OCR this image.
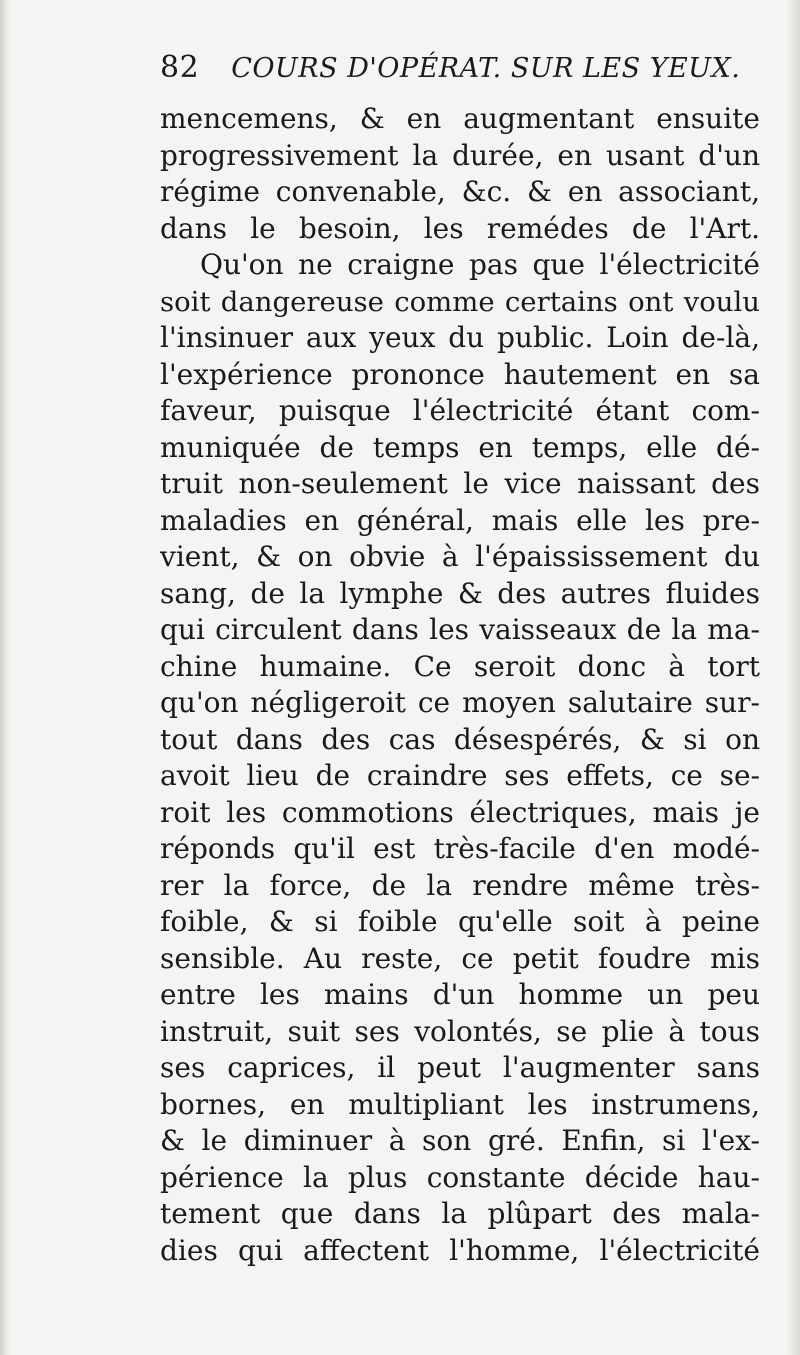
82 COURS D'OPÉRAT. SUR LES YEUX.
mencemens, & en augmentant ensuite
progressivement la durée, en usant d'un
régime convenable, &c. & en associant,
dans le besoin, les remédes de l'Art.
Qu'on ne craigne pas que l'électricité
soit dangereuse comme certains ont voulu
l'insinuer aux yeux du public. Loin de-là,
l'expérience prononce hautement en sa
faveur, puisque l'électricité étant com-
muniquée de temps en temps, elle dé-
truit non-seulement le vice naissant des
maladies en général, mais elle les pre-
vient, & on obvie à l'épaississement du
sang, de la lymphe & des autres fluides
qui circulent dans les vaisseaux de la ma-
chine humaine. Ce seroit donc à tort
qu'on négligeroit ce moyen salutaire sur-
tout dans des cas désespérés, & si on
avoit lieu de craindre ses effets, ce se-
roit les commotions électriques, mais je
réponds qu'il est très-facile d'en modé-
rer la force, de la rendre même très-
foible, & si foible qu'elle soit à peine
sensible. Au reste, ce petit foudre mis
entre les mains d'un homme un peu
instruit, suit ses volontés, se plie à tous
ses caprices, il peut l'augmenter sans
bornes, en multipliant les instrumens,
& le diminuer à son gré. Enfin, si l'ex-
périence la plus constante décide hau-
tement que dans la plûpart des mala-
dies qui affectent l'homme, l'électricité
